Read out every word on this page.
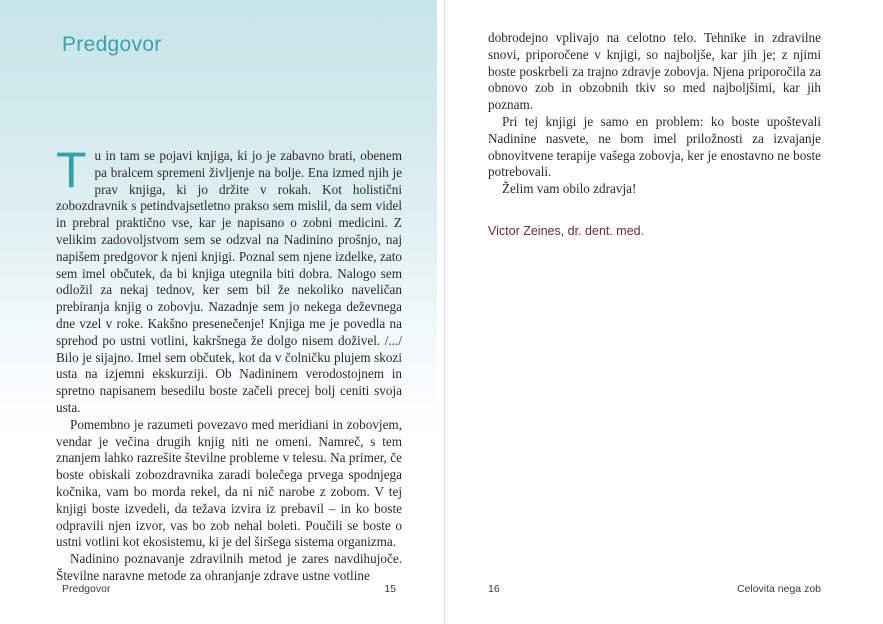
Predgovor

Tu in tam se pojavi knjiga, ki jo je zabavno brati, obenem pa bralcem spremeni življenje na bolje. Ena izmed njih je prav knjiga, ki jo držite v rokah. Kot holistični zobozdravnik s petindvajsetletno prakso sem mislil, da sem videl in prebral praktično vse, kar je napisano o zobni medicini. Z velikim zadovoljstvom sem se odzval na Nadinino prošnjo, naj napišem predgovor k njeni knjigi. Poznal sem njene izdelke, zato sem imel občutek, da bi knjiga utegnila biti dobra. Nalogo sem odložil za nekaj tednov, ker sem bil že nekoliko naveličan prebiranja knjig o zobovju. Nazadnje sem jo nekega deževnega dne vzel v roke. Kakšno presenečenje! Knjiga me je povedla na sprehod po ustni votlini, kakršnega že dolgo nisem doživel. /.../ Bilo je sijajno. Imel sem občutek, kot da v čolničku plujem skozi usta na izjemni ekskurziji. Ob Nadininem verodostojnem in spretno napisanem besedilu boste začeli precej bolj ceniti svoja usta.

Pomembno je razumeti povezavo med meridiani in zobovjem, vendar je večina drugih knjig niti ne omeni. Namreč, s tem znanjem lahko razrešite številne probleme v telesu. Na primer, če boste obiskali zobozdravnika zaradi bolečega prvega spodnjega kočnika, vam bo morda rekel, da ni nič narobe z zobom. V tej knjigi boste izvedeli, da težava izvira iz prebavil – in ko boste odpravili njen izvor, vas bo zob nehal boleti. Poučili se boste o ustni votlini kot ekosistemu, ki je del širšega sistema organizma.

Nadinino poznavanje zdravilnih metod je zares navdihujoče. Številne naravne metode za ohranjanje zdrave ustne votline

Predgovor	15

dobrodejno vplivajo na celotno telo. Tehnike in zdravilne snovi, priporočene v knjigi, so najboljše, kar jih je; z njimi boste poskrbeli za trajno zdravje zobovja. Njena priporočila za obnovo zob in obzobnih tkiv so med najboljšimi, kar jih poznam.

Pri tej knjigi je samo en problem: ko boste upoštevali Nadinine nasvete, ne bom imel priložnosti za izvajanje obnovitvene terapije vašega zobovja, ker je enostavno ne boste potrebovali.

Želim vam obilo zdravja!

Victor Zeines, dr. dent. med.
16	Celovita nega zob
